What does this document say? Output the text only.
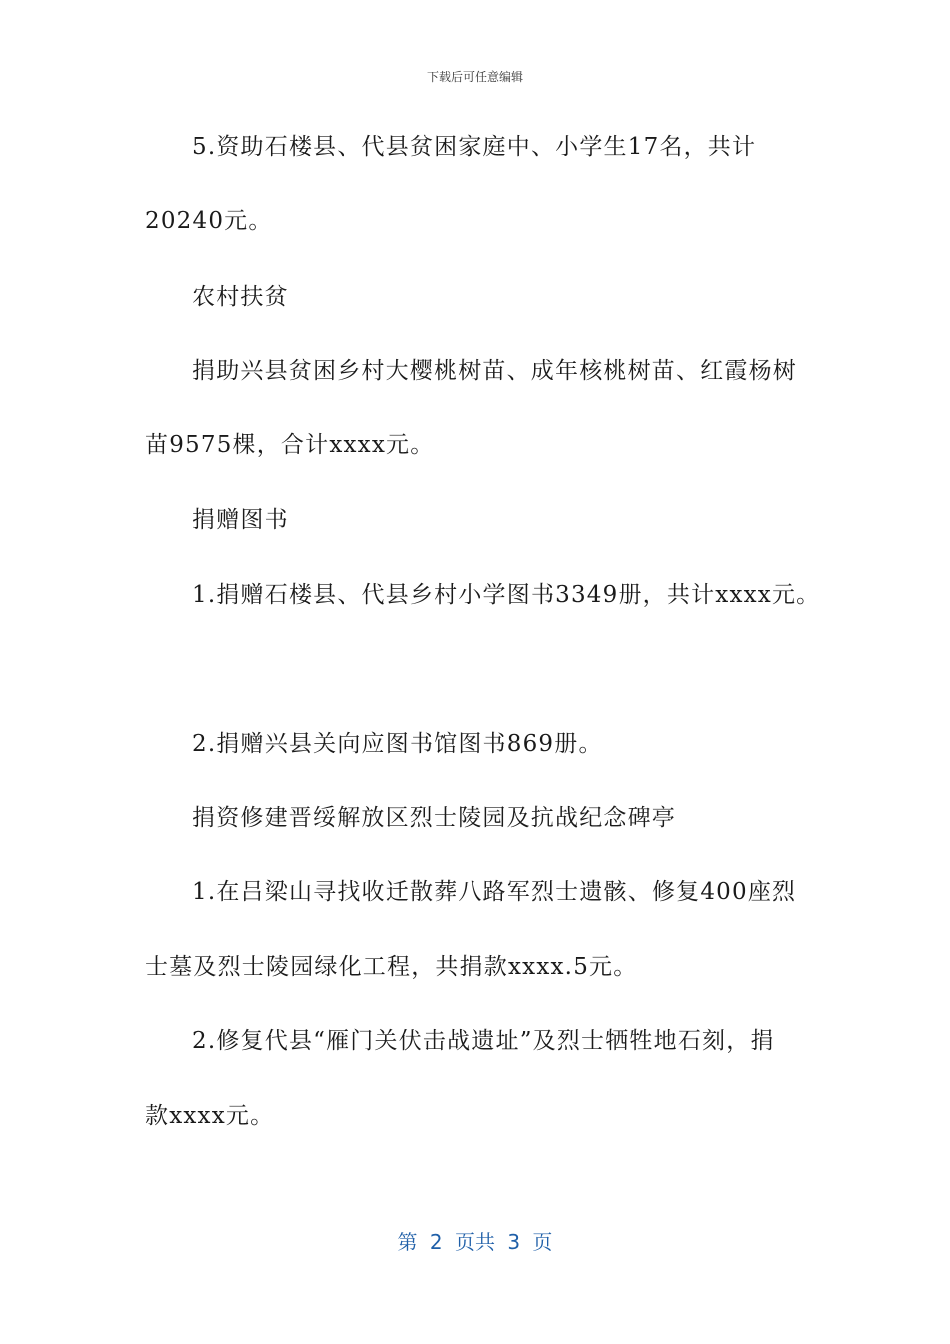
下载后可任意编辑
5.资助石楼县、代县贫困家庭中、小学生17名，共计
20240元。
农村扶贫
捐助兴县贫困乡村大樱桃树苗、成年核桃树苗、红霞杨树
苗9575棵，合计xxxx元。
捐赠图书
1.捐赠石楼县、代县乡村小学图书3349册，共计xxxx元。
2.捐赠兴县关向应图书馆图书869册。
捐资修建晋绥解放区烈士陵园及抗战纪念碑亭
1.在吕梁山寻找收迁散葬八路军烈士遗骸、修复400座烈
士墓及烈士陵园绿化工程，共捐款xxxx.5元。
2.修复代县“雁门关伏击战遗址”及烈士牺牲地石刻，捐
款xxxx元。
第 2 页共 3 页
